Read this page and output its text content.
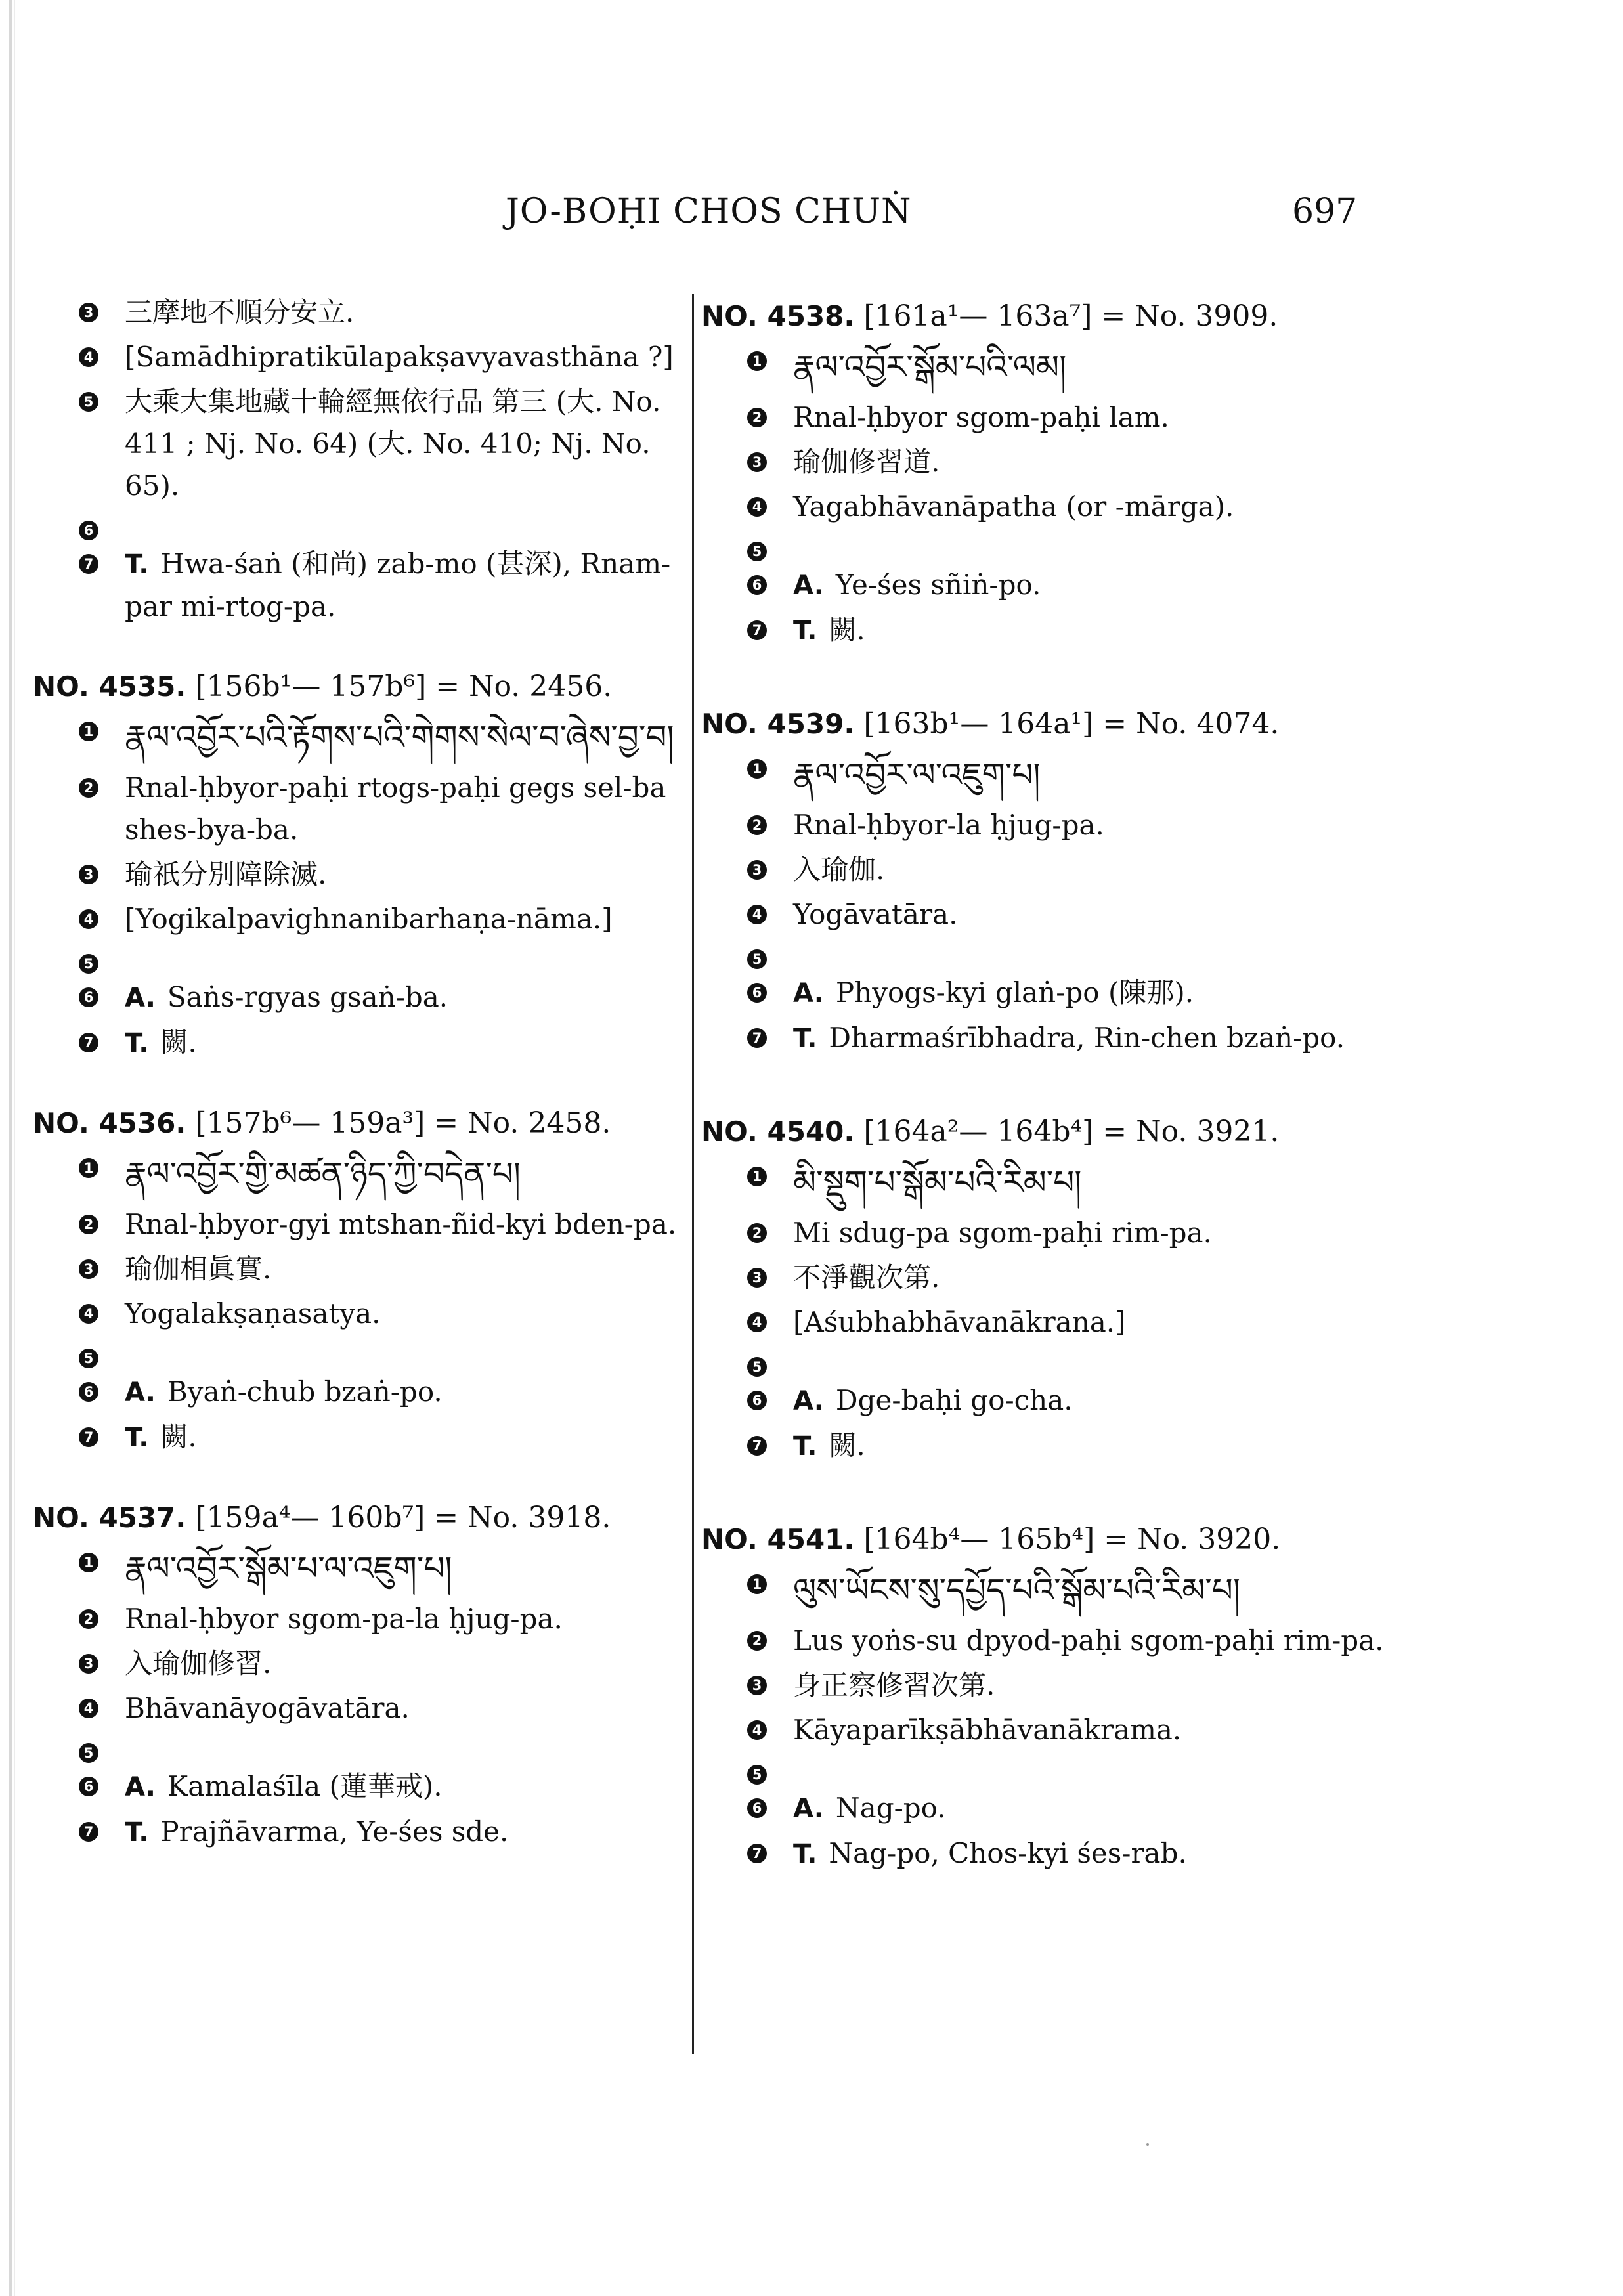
JO-BOḤI CHOS CHUṄ	697
3 三摩地不順分安立.
4 [Samādhipratikūlapakṣavyavasthāna ?]
5 大乘大集地藏十輪經無依行品 第三 (大. No. 411 ; Nj. No. 64) (大. No. 410; Nj. No. 65).
6
7 T. Hwa-śaṅ (和尚) zab-mo (甚深), Rnam-par mi-rtog-pa.
NO. 4535. [156b¹— 157b⁶] = No. 2456.
1 རྣལ་འབྱོར་པའི་རྟོགས་པའི་གེགས་སེལ་བ་ཞེས་བྱ་བ།
2 Rnal-ḥbyor-paḥi rtogs-paḥi gegs sel-ba shes-bya-ba.
3 瑜祇分別障除滅.
4 [Yogikalpavighnanibarhaṇa-nāma.]
5
6 A. Saṅs-rgyas gsaṅ-ba.
7 T. 闕.
NO. 4536. [157b⁶— 159a³] = No. 2458.
1 རྣལ་འབྱོར་གྱི་མཚན་ཉིད་ཀྱི་བདེན་པ།
2 Rnal-ḥbyor-gyi mtshan-ñid-kyi bden-pa.
3 瑜伽相眞實.
4 Yogalakṣaṇasatya.
5
6 A. Byaṅ-chub bzaṅ-po.
7 T. 闕.
NO. 4537. [159a⁴— 160b⁷] = No. 3918.
1 རྣལ་འབྱོར་སྒོམ་པ་ལ་འཇུག་པ།
2 Rnal-ḥbyor sgom-pa-la ḥjug-pa.
3 入瑜伽修習.
4 Bhāvanāyogāvatāra.
5
6 A. Kamalaśīla (蓮華戒).
7 T. Prajñāvarma, Ye-śes sde.
NO. 4538. [161a¹— 163a⁷] = No. 3909.
1 རྣལ་འབྱོར་སྒོམ་པའི་ལམ།
2 Rnal-ḥbyor sgom-paḥi lam.
3 瑜伽修習道.
4 Yagabhāvanāpatha (or -mārga).
5
6 A. Ye-śes sñiṅ-po.
7 T. 闕.
NO. 4539. [163b¹— 164a¹] = No. 4074.
1 རྣལ་འབྱོར་ལ་འཇུག་པ།
2 Rnal-ḥbyor-la ḥjug-pa.
3 入瑜伽.
4 Yogāvatāra.
5
6 A. Phyogs-kyi glaṅ-po (陳那).
7 T. Dharmaśrībhadra, Rin-chen bzaṅ-po.
NO. 4540. [164a²— 164b⁴] = No. 3921.
1 མི་སྡུག་པ་སྒོམ་པའི་རིམ་པ།
2 Mi sdug-pa sgom-paḥi rim-pa.
3 不淨觀次第.
4 [Aśubhabhāvanākrana.]
5
6 A. Dge-baḥi go-cha.
7 T. 闕.
NO. 4541. [164b⁴— 165b⁴] = No. 3920.
1 ལུས་ཡོངས་སུ་དཔྱོད་པའི་སྒོམ་པའི་རིམ་པ།
2 Lus yoṅs-su dpyod-paḥi sgom-paḥi rim-pa.
3 身正察修習次第.
4 Kāyaparīkṣābhāvanākrama.
5
6 A. Nag-po.
7 T. Nag-po, Chos-kyi śes-rab.
